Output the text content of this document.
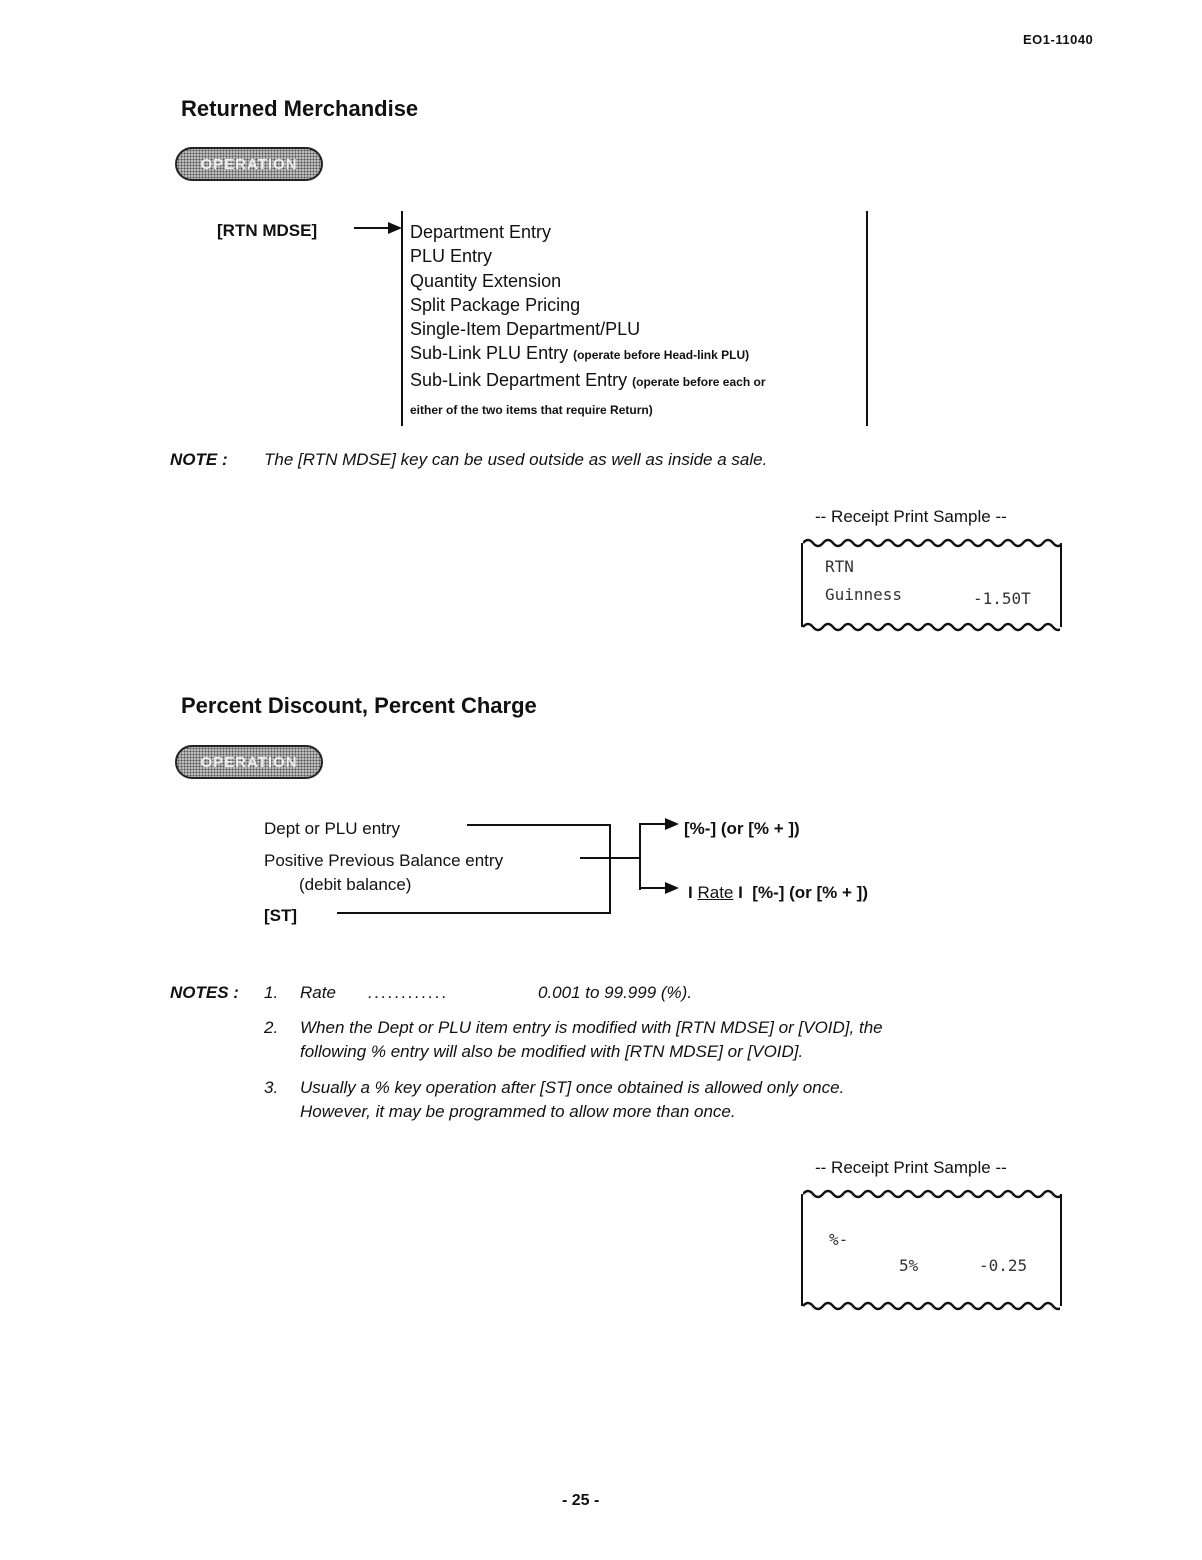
EO1-11040
Returned Merchandise
OPERATION
[RTN MDSE]	Department Entry
PLU Entry
Quantity Extension
Split Package Pricing
Single-Item Department/PLU
Sub-Link PLU Entry (operate before Head-link PLU)
Sub-Link Department Entry (operate before each or
either of the two items that require Return)
NOTE : The [RTN MDSE] key can be used outside as well as inside a sale.
-- Receipt Print Sample --
RTN
Guinness	-1.50T
Percent Discount, Percent Charge
OPERATION
Dept or PLU entry
Positive Previous Balance entry
(debit balance)
[ST]
[%-] (or [% + ])
I Rate I  [%-] (or [% + ])
NOTES : 1. Rate ............	0.001 to 99.999 (%).
2. When the Dept or PLU item entry is modified with [RTN MDSE] or [VOID], the
following % entry will also be modified with [RTN MDSE] or [VOID].
3. Usually a % key operation after [ST] once obtained is allowed only once.
However, it may be programmed to allow more than once.
-- Receipt Print Sample --
%-
5%	-0.25
- 25 -
